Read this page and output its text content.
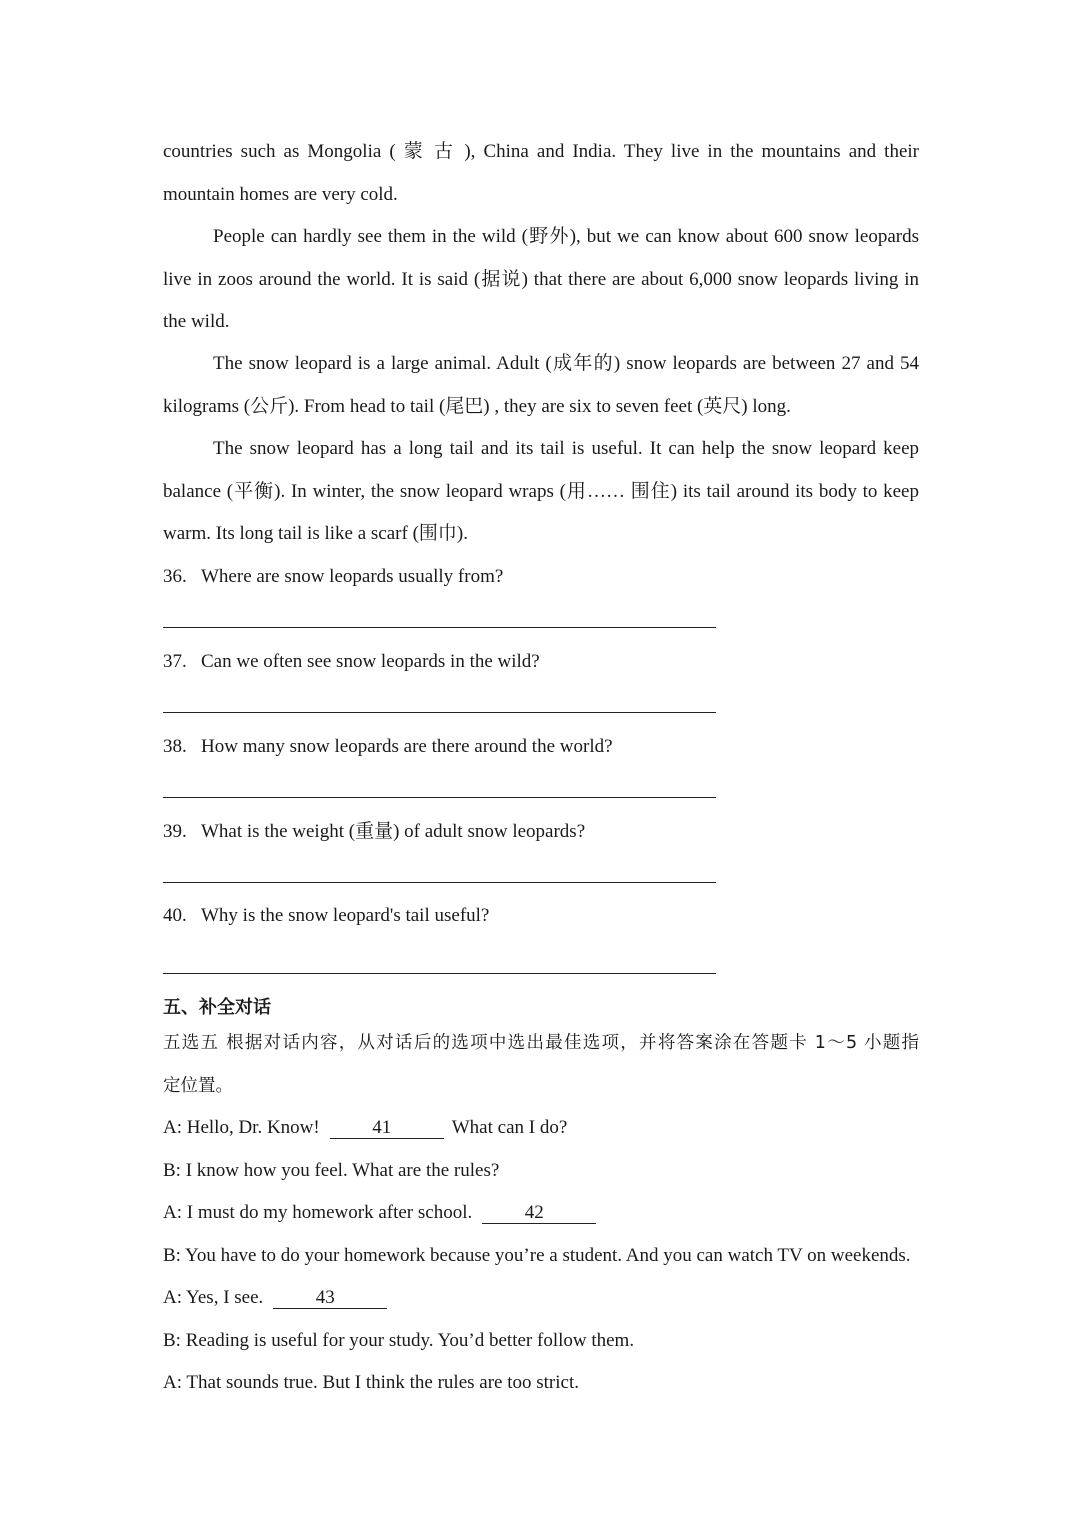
countries such as Mongolia ( 蒙 古 ), China and India. They live in the mountains and their
mountain homes are very cold.
People can hardly see them in the wild (野外), but we can know about 600 snow leopards
live in zoos around the world. It is said (据说) that there are about 6,000 snow leopards living in
the wild.
The snow leopard is a large animal. Adult (成年的) snow leopards are between 27 and 54
kilograms (公斤). From head to tail (尾巴) , they are six to seven feet (英尺) long.
The snow leopard has a long tail and its tail is useful. It can help the snow leopard keep
balance (平衡). In winter, the snow leopard wraps (用…… 围住) its tail around its body to keep
warm. Its long tail is like a scarf (围巾).
36. Where are snow leopards usually from?
37. Can we often see snow leopards in the wild?
38. How many snow leopards are there around the world?
39. What is the weight (重量) of adult snow leopards?
40. Why is the snow leopard's tail useful?
五、补全对话
五选五 根据对话内容，从对话后的选项中选出最佳选项，并将答案涂在答题卡 1～5 小题指
定位置。
A: Hello, Dr. Know!	41	What can I do?
B: I know how you feel. What are the rules?
A: I must do my homework after school.	42
B: You have to do your homework because you’re a student. And you can watch TV on weekends.
A: Yes, I see.	43
B: Reading is useful for your study. You’d better follow them.
A: That sounds true. But I think the rules are too strict.
